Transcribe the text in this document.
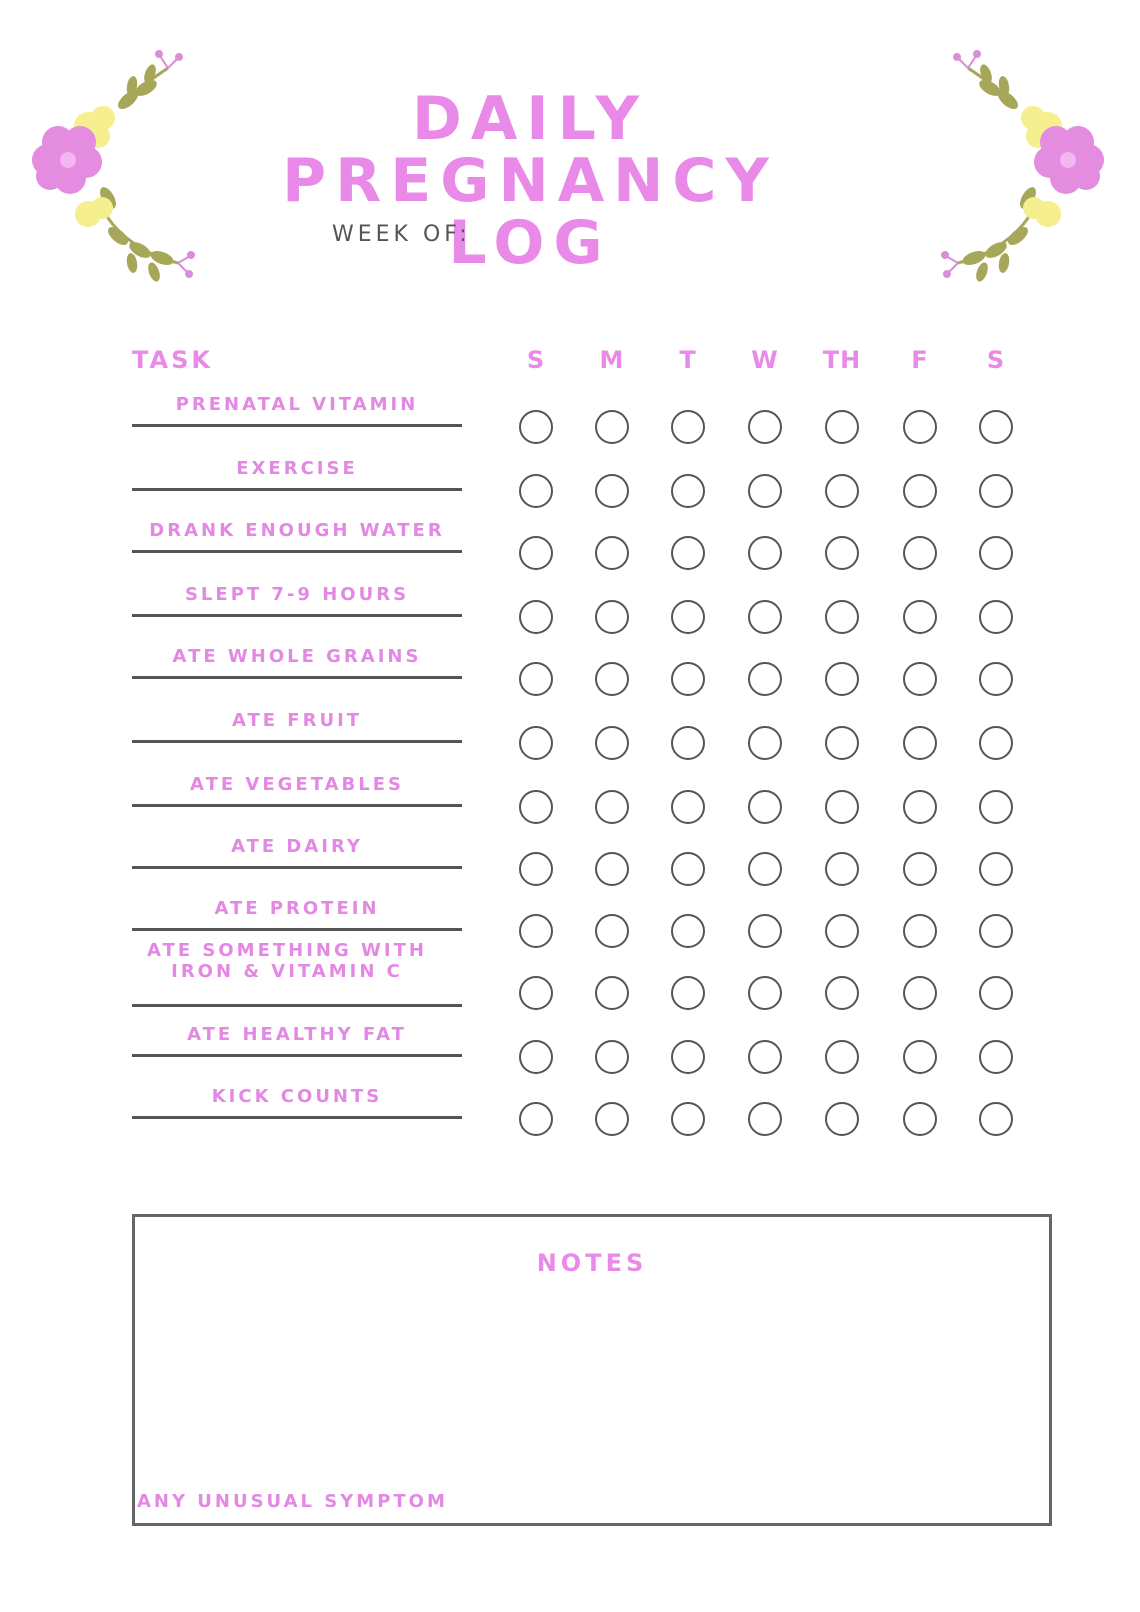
DAILY PREGNANCY
LOG
WEEK OF:
TASK	S	M	T	W	TH	F	S
PRENATAL VITAMIN
EXERCISE
DRANK ENOUGH WATER
SLEPT 7-9 HOURS
ATE WHOLE GRAINS
ATE FRUIT
ATE VEGETABLES
ATE DAIRY
ATE PROTEIN
ATE SOMETHING WITH IRON & VITAMIN C
ATE HEALTHY FAT
KICK COUNTS
NOTES
ANY UNUSUAL SYMPTOM
